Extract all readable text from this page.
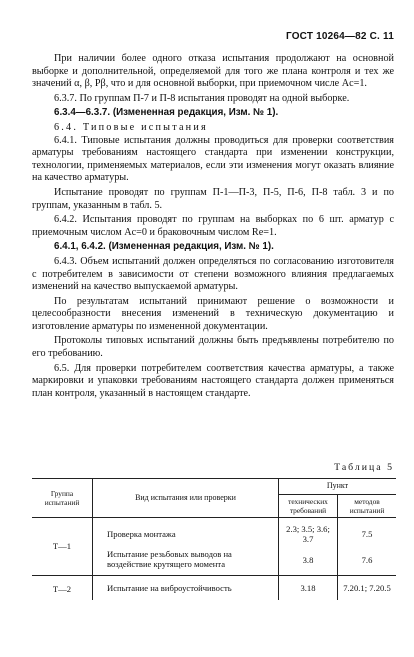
ГОСТ 10264—82 С. 11

При наличии более одного отказа испытания продолжают на основной выборке и дополнительной, определяемой для того же плана контроля и тех же значений α, β, Pβ, что и для основной выборки, при приемочном числе Ac=1.

6.3.7. По группам П-7 и П-8 испытания проводят на одной выборке.

6.3.4—6.3.7. (Измененная редакция, Изм. № 1).

6.4. Типовые испытания

6.4.1. Типовые испытания должны проводиться для проверки соответствия арматуры требованиям настоящего стандарта при изменении конструкции, технологии, применяемых материалов, если эти изменения могут оказать влияние на качество арматуры.

Испытание проводят по группам П-1—П-3, П-5, П-6, П-8 табл. 3 и по группам, указанным в табл. 5.

6.4.2. Испытания проводят по группам на выборках по 6 шт. арматур с приемочным числом Ac=0 и браковочным числом Re=1.

6.4.1, 6.4.2. (Измененная редакция, Изм. № 1).

6.4.3. Объем испытаний должен определяться по согласованию изготовителя с потребителем в зависимости от степени возможного влияния предлагаемых изменений на качество выпускаемой арматуры.

По результатам испытаний принимают решение о возможности и целесообразности внесения изменений в техническую документацию и изготовление арматуры по измененной документации.

Протоколы типовых испытаний должны быть предъявлены потребителю по его требованию.

6.5. Для проверки потребителем соответствия качества арматуры, а также маркировки и упаковки требованиям настоящего стандарта должен применяться план контроля, указанный в настоящем стандарте.

Таблица 5
Группа испытаний	Вид испытания или проверки	Пункт	
		технических требований	методов испытаний
Т—1	Проверка монтажа	2.3; 3.5; 3.6; 3.7	7.5
	Испытание резьбовых выводов на воздействие крутящего момента	3.8	7.6
Т—2	Испытание на виброустойчивость	3.18	7.20.1; 7.20.5
